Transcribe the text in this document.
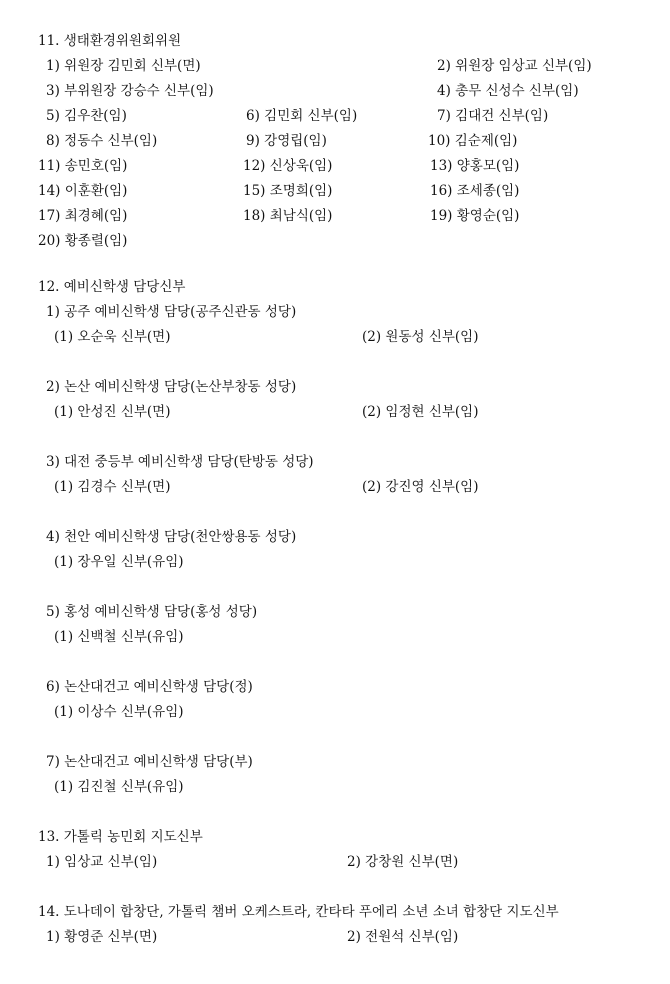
11. 생태환경위원회위원
1) 위원장 김민회 신부(면)	2) 위원장 임상교 신부(임)
3) 부위원장 강승수 신부(임)	4) 총무 신성수 신부(임)
5) 김우찬(임)	6) 김민회 신부(임)	7) 김대건 신부(임)
8) 정동수 신부(임)	9) 강영립(임)	10) 김순제(임)
11) 송민호(임)	12) 신상욱(임)	13) 양홍모(임)
14) 이훈환(임)	15) 조명희(임)	16) 조세종(임)
17) 최경혜(임)	18) 최남식(임)	19) 황영순(임)
20) 황종렬(임)
12. 예비신학생 담당신부
1) 공주 예비신학생 담당(공주신관동 성당)
(1) 오순욱 신부(면)	(2) 원동성 신부(임)
2) 논산 예비신학생 담당(논산부창동 성당)
(1) 안성진 신부(면)	(2) 임정현 신부(임)
3) 대전 중등부 예비신학생 담당(탄방동 성당)
(1) 김경수 신부(면)	(2) 강진영 신부(임)
4) 천안 예비신학생 담당(천안쌍용동 성당)
(1) 장우일 신부(유임)
5) 홍성 예비신학생 담당(홍성 성당)
(1) 신백철 신부(유임)
6) 논산대건고 예비신학생 담당(정)
(1) 이상수 신부(유임)
7) 논산대건고 예비신학생 담당(부)
(1) 김진철 신부(유임)
13. 가톨릭 농민회 지도신부
1) 임상교 신부(임)	2) 강창원 신부(면)
14. 도나데이 합창단, 가톨릭 챔버 오케스트라, 칸타타 푸에리 소년 소녀 합창단 지도신부
1) 황영준 신부(면)	2) 전원석 신부(임)
